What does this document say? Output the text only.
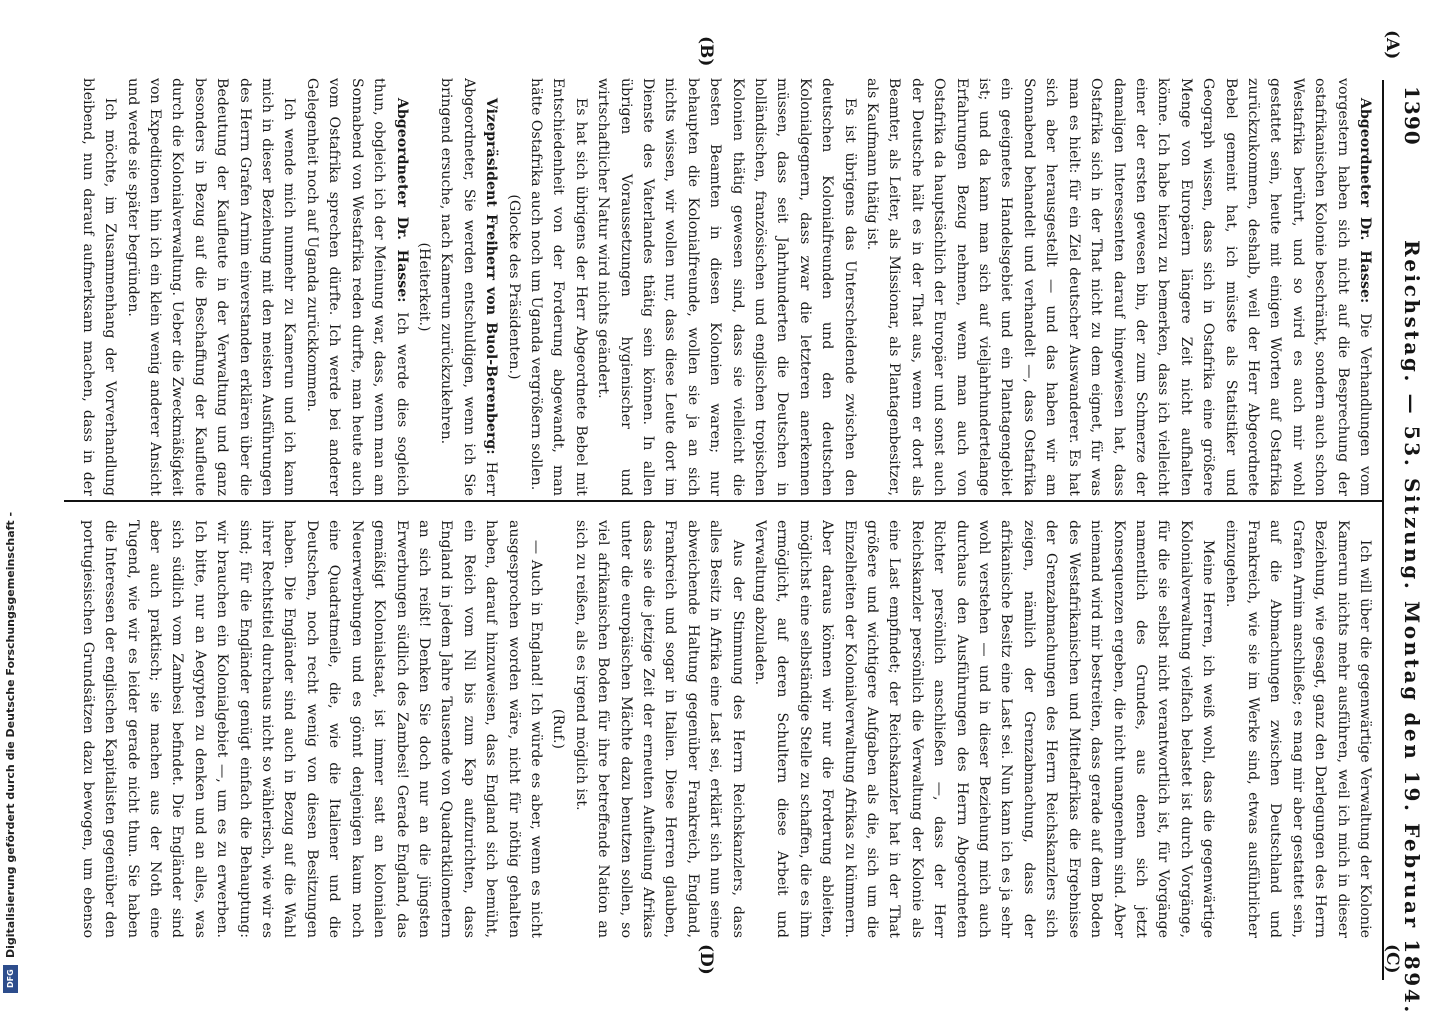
1390
Reichstag. — 53. Sitzung. Montag den 19. Februar 1894.
(A)
(B)
(C)
(D)

Abgeordneter Dr. Hasse: Die Verhandlungen vom vorgestern haben sich nicht auf die Besprechung der ostafrikanischen Kolonie beschränkt, sondern auch schon Westafrika berührt, und so wird es auch mir wohl gestattet sein, heute mit einigen Worten auf Ostafrika zurückzukommen, deshalb, weil der Herr Abgeordnete Bebel gemeint hat, ich müsste als Statistiker und Geograph wissen, dass sich in Ostafrika eine größere Menge von Europäern längere Zeit nicht aufhalten könne. Ich habe hierzu zu bemerken, dass ich vielleicht einer der ersten gewesen bin, der zum Schmerze der damaligen Interessenten darauf hingewiesen hat, dass Ostafrika sich in der That nicht zu dem eignet, für was man es hielt: für ein Ziel deutscher Auswanderer. Es hat sich aber herausgestellt — und das haben wir am Sonnabend behandelt und verhandelt —, dass Ostafrika ein geeignetes Handelsgebiet und ein Plantagengebiet ist; und da kann man sich auf vieljahrhundertelange Erfahrungen Bezug nehmen, wenn man auch von Ostafrika da hauptsächlich der Europäer und sonst auch der Deutsche hält es in der That aus, wenn er dort als Beamter, als Leiter, als Missionar, als Plantagenbesitzer, als Kaufmann thätig ist.

Es ist übrigens das Unterscheidende zwischen den deutschen Kolonialfreunden und den deutschen Kolonialgegnern, dass zwar die letzteren anerkennen müssen, dass seit Jahrhunderten die Deutschen in holländischen, französischen und englischen tropischen Kolonien thätig gewesen sind, dass sie vielleicht die besten Beamten in diesen Kolonien waren; nur behaupten die Kolonialfreunde, wollen sie ja an sich nichts wissen, wir wollen nur, dass diese Leute dort im Dienste des Vaterlandes thätig sein können. In allen übrigen Voraussetzungen hygienischer und wirtschaftlicher Natur wird nichts geändert.

Es hat sich übrigens der Herr Abgeordnete Bebel mit Entschiedenheit von der Forderung abgewandt, man hätte Ostafrika auch noch um Uganda vergrößern sollen.

(Glocke des Präsidenten.)

Vizepräsident Freiherr von Buol-Berenberg: Herr Abgeordneter, Sie werden entschuldigen, wenn ich Sie bringend ersuche, nach Kamerun zurückzukehren.

(Heiterkeit.)

Abgeordneter Dr. Hasse: Ich werde dies sogleich thun, obgleich ich der Meinung war, dass, wenn man am Sonnabend von Westafrika reden durfte, man heute auch vom Ostafrika sprechen dürfte. Ich werde bei anderer Gelegenheit noch auf Uganda zurückkommen.

Ich wende mich nunmehr zu Kamerun und ich kann mich in dieser Beziehung mit den meisten Ausführungen des Herrn Grafen Arnim einverstanden erklären über die Bedeutung der Kaufleute in der Verwaltung und ganz besonders in Bezug auf die Beschaffung der Kaufleute durch die Kolonialverwaltung. Ueber die Zweckmäßigkeit von Expeditionen hin ich ein klein wenig anderer Ansicht und werde sie später begründen.

Ich möchte, im Zusammenhang der Vorverhandlung bleibend, nun darauf aufmerksam machen, dass in der

Ich will über die gegenwärtige Verwaltung der Kolonie Kamerun nichts mehr ausführen, weil ich mich in dieser Beziehung, wie gesagt, ganz den Darlegungen des Herrn Grafen Arnim anschließe; es mag mir aber gestattet sein, auf die Abmachungen zwischen Deutschland und Frankreich, wie sie im Werke sind, etwas ausführlicher einzugehen.

Meine Herren, ich weiß wohl, dass die gegenwärtige Kolonialverwaltung vielfach belastet ist durch Vorgänge, für die sie selbst nicht verantwortlich ist, für Vorgänge namentlich des Grundes, aus denen sich jetzt Konsequenzen ergeben, die nicht unangenehm sind. Aber niemand wird mir bestreiten, dass gerade auf dem Boden des Westafrikanischen und Mittelafrikas die Ergebnisse der Grenzabmachungen des Herrn Reichskanzlers sich zeigen, nämlich der Grenzabmachung, dass der afrikanische Besitz eine Last sei. Nun kann ich es ja sehr wohl verstehen — und in dieser Beziehung mich auch durchaus den Ausführungen des Herrn Abgeordneten Richter persönlich anschließen —, dass der Herr Reichskanzler persönlich die Verwaltung der Kolonie als eine Last empfindet; der Reichskanzler hat in der That größere und wichtigere Aufgaben als die, sich um die Einzelheiten der Kolonialverwaltung Afrikas zu kümmern. Aber daraus können wir nur die Forderung ableiten, möglichst eine selbständige Stelle zu schaffen, die es ihm ermöglicht, auf deren Schultern diese Arbeit und Verwaltung abzuladen.

Aus der Stimmung des Herrn Reichskanzlers, dass alles Besitz in Afrika eine Last sei, erklärt sich nun seine abweichende Haltung gegenüber Frankreich, England, Frankreich und sogar in Italien. Diese Herren glauben, dass sie die jetzige Zeit der erneuten Aufteilung Afrikas unter die europäischen Mächte dazu benutzen sollen, so viel afrikanischen Boden für ihre betreffende Nation an sich zu reißen, als es irgend möglich ist.

(Ruf.)

— Auch in England! Ich würde es aber, wenn es nicht ausgesprochen worden wäre, nicht für nöthig gehalten haben, darauf hinzuweisen, dass England sich bemüht, ein Reich vom Nil bis zum Kap aufzurichten, dass England in jedem Jahre Tausende von Quadratkilometern an sich reißt! Denken Sie doch nur an die jüngsten Erwerbungen südlich des Zambesi! Gerade England, das gemäßigt Kolonialstaat, ist immer satt an kolonialen Neuerwerbungen und es gönnt denjenigen kaum noch eine Quadratmeile, die, wie die Italiener und die Deutschen, noch recht wenig von diesen Besitzungen haben. Die Engländer sind auch in Bezug auf die Wahl ihrer Rechtstitel durchaus nicht so wählerisch, wie wir es sind; für die Engländer genügt einfach die Behauptung: wir brauchen ein Kolonialgebiet —, um es zu erwerben. Ich bitte, nur an Aegypten zu denken und an alles, was sich südlich vom Zambesi befindet. Die Engländer sind aber auch praktisch; sie machen aus der Noth eine Tugend, wie wir es leider gerade nicht thun. Sie haben die Interessen der englischen Kapitalisten gegenüber den portugiesischen Grundsätzen dazu bewogen, um ebenso

Digitalisierung gefördert durch die Deutsche Forschungsgemeinschaft -
DFG
